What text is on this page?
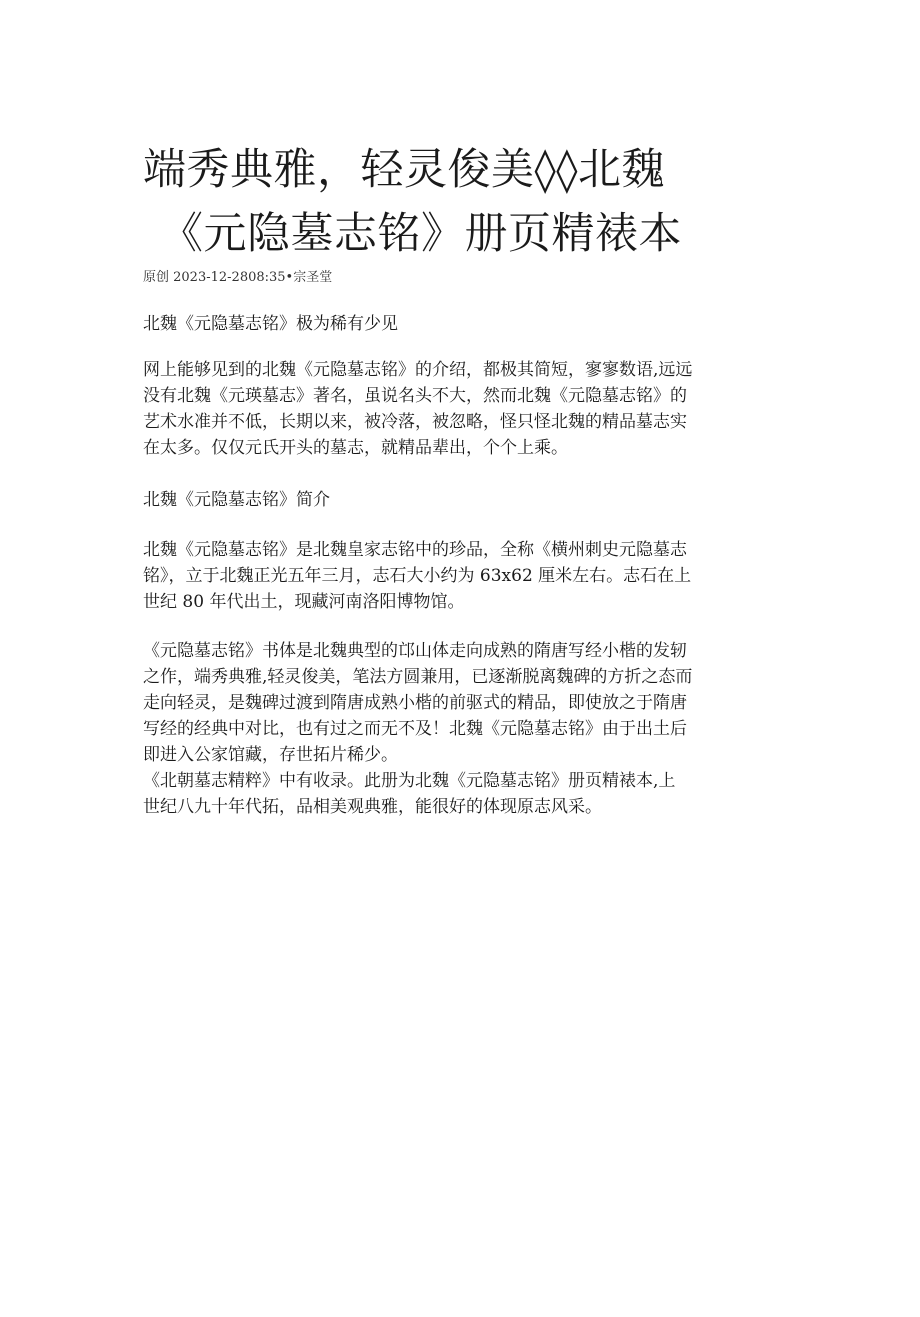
端秀典雅，轻灵俊美◊◊北魏
《元隐墓志铭》册页精裱本
原创 2023-12-2808:35•宗圣堂
北魏《元隐墓志铭》极为稀有少见

网上能够见到的北魏《元隐墓志铭》的介绍，都极其简短，寥寥数语,远远
没有北魏《元瑛墓志》著名，虽说名头不大，然而北魏《元隐墓志铭》的
艺术水准并不低，长期以来，被冷落，被忽略，怪只怪北魏的精品墓志实
在太多。仅仅元氏开头的墓志，就精品辈出，个个上乘。

北魏《元隐墓志铭》简介

北魏《元隐墓志铭》是北魏皇家志铭中的珍品，全称《横州刺史元隐墓志
铭》，立于北魏正光五年三月，志石大小约为 63x62 厘米左右。志石在上
世纪 80 年代出土，现藏河南洛阳博物馆。

《元隐墓志铭》书体是北魏典型的邙山体走向成熟的隋唐写经小楷的发轫
之作，端秀典雅,轻灵俊美，笔法方圆兼用，已逐渐脱离魏碑的方折之态而
走向轻灵，是魏碑过渡到隋唐成熟小楷的前驱式的精品，即使放之于隋唐
写经的经典中对比，也有过之而无不及！北魏《元隐墓志铭》由于出土后
即进入公家馆藏，存世拓片稀少。
《北朝墓志精粹》中有收录。此册为北魏《元隐墓志铭》册页精裱本,上
世纪八九十年代拓，品相美观典雅，能很好的体现原志风采。
